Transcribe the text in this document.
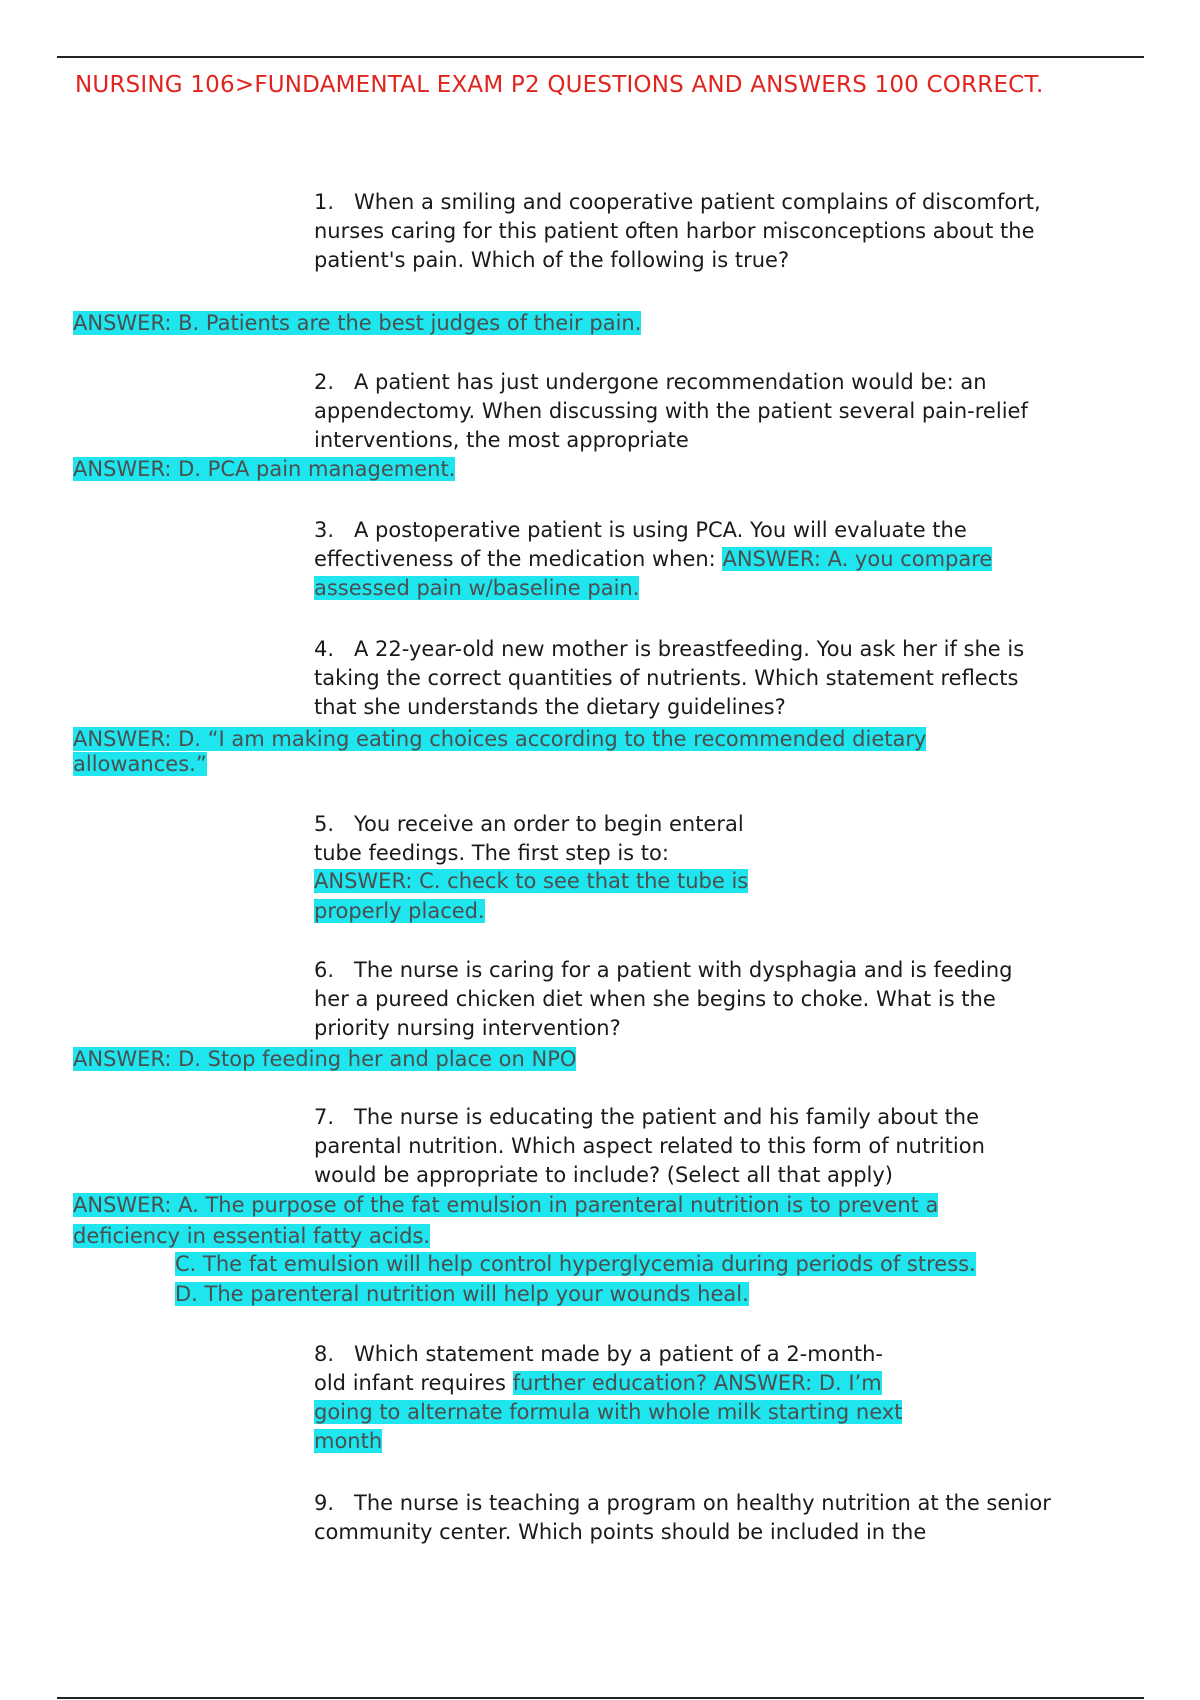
NURSING 106>FUNDAMENTAL EXAM P2 QUESTIONS AND ANSWERS 100 CORRECT.
1. When a smiling and cooperative patient complains of discomfort, nurses caring for this patient often harbor misconceptions about the patient's pain. Which of the following is true?
ANSWER: B. Patients are the best judges of their pain.
2. A patient has just undergone recommendation would be: an appendectomy. When discussing with the patient several pain-relief interventions, the most appropriate
ANSWER: D. PCA pain management.
3. A postoperative patient is using PCA. You will evaluate the effectiveness of the medication when: ANSWER: A. you compare assessed pain w/baseline pain.
4. A 22-year-old new mother is breastfeeding. You ask her if she is taking the correct quantities of nutrients. Which statement reflects that she understands the dietary guidelines?
ANSWER: D. “I am making eating choices according to the recommended dietary
allowances.”
5. You receive an order to begin enteral tube feedings. The first step is to:
ANSWER: C. check to see that the tube is
properly placed.
6. The nurse is caring for a patient with dysphagia and is feeding her a pureed chicken diet when she begins to choke. What is the priority nursing intervention?
ANSWER: D. Stop feeding her and place on NPO
7. The nurse is educating the patient and his family about the parental nutrition. Which aspect related to this form of nutrition would be appropriate to include? (Select all that apply)
ANSWER: A. The purpose of the fat emulsion in parenteral nutrition is to prevent a
deficiency in essential fatty acids.
C. The fat emulsion will help control hyperglycemia during periods of stress.
D. The parenteral nutrition will help your wounds heal.
8. Which statement made by a patient of a 2-month-
old infant requires further education? ANSWER: D. I’m
going to alternate formula with whole milk starting next
month
9. The nurse is teaching a program on healthy nutrition at the senior community center. Which points should be included in the
